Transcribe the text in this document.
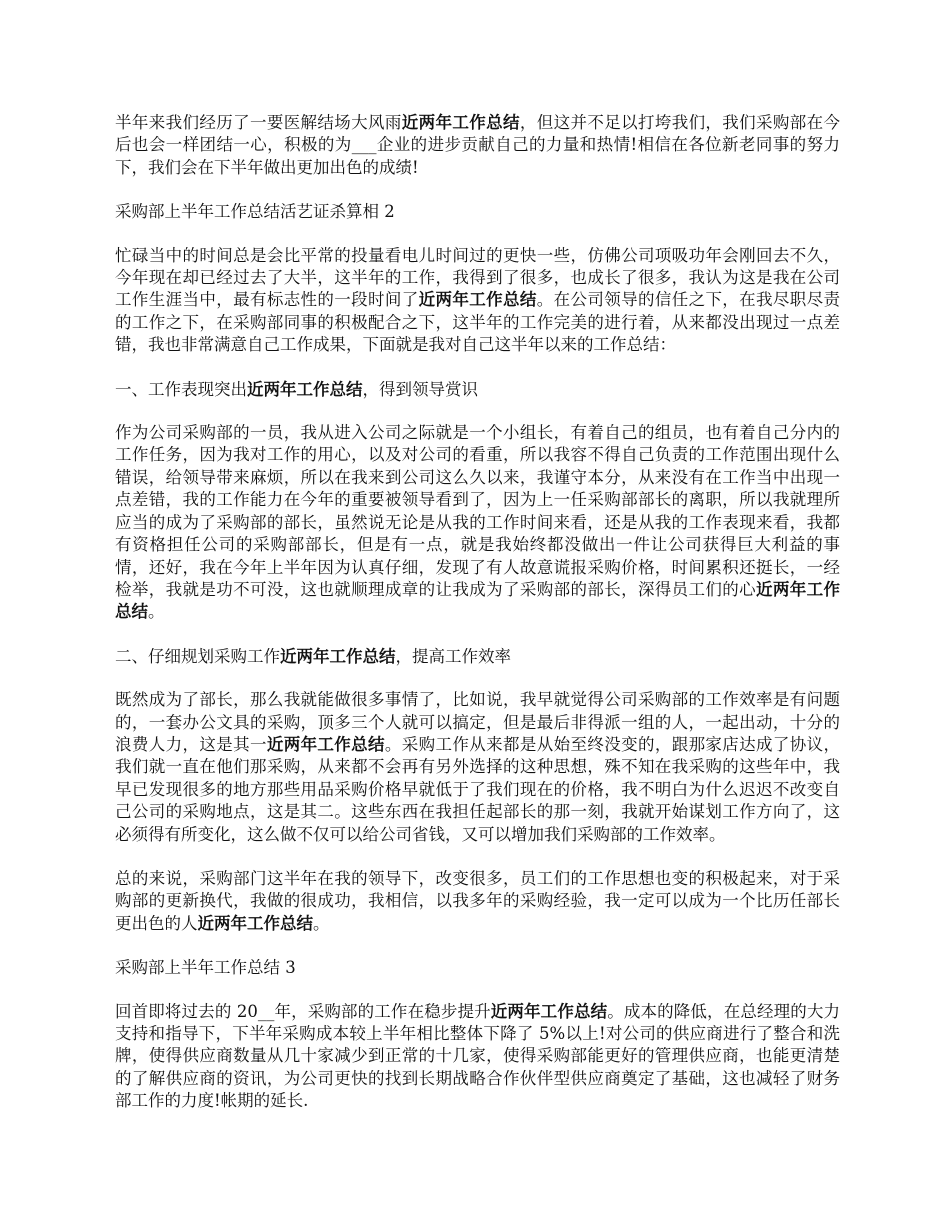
半年来我们经历了一要医解结场大风雨近两年工作总结，但这并不足以打垮我们，我们采购部在今后也会一样团结一心，积极的为___企业的进步贡献自己的力量和热情!相信在各位新老同事的努力下，我们会在下半年做出更加出色的成绩!

采购部上半年工作总结活艺证杀算相 2

忙碌当中的时间总是会比平常的投量看电儿时间过的更快一些，仿佛公司项吸功年会刚回去不久，今年现在却已经过去了大半，这半年的工作，我得到了很多，也成长了很多，我认为这是我在公司工作生涯当中，最有标志性的一段时间了近两年工作总结。在公司领导的信任之下，在我尽职尽责的工作之下，在采购部同事的积极配合之下，这半年的工作完美的进行着，从来都没出现过一点差错，我也非常满意自己工作成果，下面就是我对自己这半年以来的工作总结：

一、工作表现突出近两年工作总结，得到领导赏识

作为公司采购部的一员，我从进入公司之际就是一个小组长，有着自己的组员，也有着自己分内的工作任务，因为我对工作的用心，以及对公司的看重，所以我容不得自己负责的工作范围出现什么错误，给领导带来麻烦，所以在我来到公司这么久以来，我谨守本分，从来没有在工作当中出现一点差错，我的工作能力在今年的重要被领导看到了，因为上一任采购部部长的离职，所以我就理所应当的成为了采购部的部长，虽然说无论是从我的工作时间来看，还是从我的工作表现来看，我都有资格担任公司的采购部部长，但是有一点，就是我始终都没做出一件让公司获得巨大利益的事情，还好，我在今年上半年因为认真仔细，发现了有人故意谎报采购价格，时间累积还挺长，一经检举，我就是功不可没，这也就顺理成章的让我成为了采购部的部长，深得员工们的心近两年工作总结。

二、仔细规划采购工作近两年工作总结，提高工作效率

既然成为了部长，那么我就能做很多事情了，比如说，我早就觉得公司采购部的工作效率是有问题的，一套办公文具的采购，顶多三个人就可以搞定，但是最后非得派一组的人，一起出动，十分的浪费人力，这是其一近两年工作总结。采购工作从来都是从始至终没变的，跟那家店达成了协议，我们就一直在他们那采购，从来都不会再有另外选择的这种思想，殊不知在我采购的这些年中，我早已发现很多的地方那些用品采购价格早就低于了我们现在的价格，我不明白为什么迟迟不改变自己公司的采购地点，这是其二。这些东西在我担任起部长的那一刻，我就开始谋划工作方向了，这必须得有所变化，这么做不仅可以给公司省钱，又可以增加我们采购部的工作效率。

总的来说，采购部门这半年在我的领导下，改变很多，员工们的工作思想也变的积极起来，对于采购部的更新换代，我做的很成功，我相信，以我多年的采购经验，我一定可以成为一个比历任部长更出色的人近两年工作总结。

采购部上半年工作总结 3

回首即将过去的 20__年，采购部的工作在稳步提升近两年工作总结。成本的降低，在总经理的大力支持和指导下，下半年采购成本较上半年相比整体下降了 5%以上!对公司的供应商进行了整合和洗牌，使得供应商数量从几十家减少到正常的十几家，使得采购部能更好的管理供应商，也能更清楚的了解供应商的资讯，为公司更快的找到长期战略合作伙伴型供应商奠定了基础，这也减轻了财务部工作的力度!帐期的延长.
